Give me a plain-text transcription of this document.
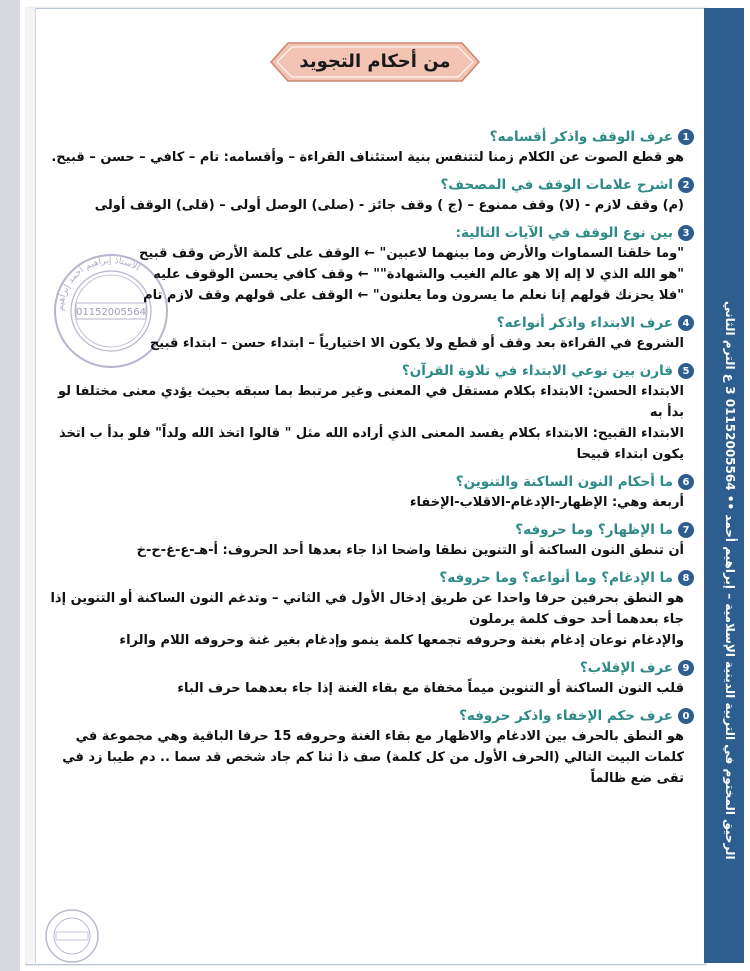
الرحيق المختوم في التربية الدينية الإسلامية – إبراهيم أحمد •• 01152005564 3 ع الترم الثاني
من أحكام التجويد
الأستاذ إبراهيم أحمد إبراهيم
01152005564
1
عرف الوقف واذكر أقسامه؟
هو قطع الصوت عن الكلام زمنا لتتنفس بنية استئناف القراءة – وأقسامه: تام – كافي – حسن – قبيح.
2
اشرح علامات الوقف في المصحف؟
(م) وقف لازم - (لا) وقف ممنوع – (ج ) وقف جائز - (صلى) الوصل أولى – (قلى) الوقف أولى
3
بين نوع الوقف في الآيات التالية:
"وما خلقنا السماوات والأرض وما بينهما لاعبين" ← الوقف على كلمة الأرض وقف قبيح
"هو الله الذي لا إله إلا هو عالم الغيب والشهادة"" ← وقف كافي يحسن الوقوف عليه
"فلا يحزنك قولهم إنا نعلم ما يسرون وما يعلنون" ← الوقف على قولهم وقف لازم تام
4
عرف الابتداء واذكر أنواعه؟
الشروع في القراءة بعد وقف أو قطع ولا يكون الا اختيارياً – ابتداء حسن – ابتداء قبيح
5
قارن بين نوعي الابتداء في تلاوة القرآن؟
الابتداء الحسن: الابتداء بكلام مستقل في المعنى وغير مرتبط بما سبقه بحيث يؤدي معنى مختلفا لو بدأ به
الابتداء القبيح: الابتداء بكلام يفسد المعنى الذي أراده الله مثل " قالوا اتخذ الله ولداً" فلو بدأ ب اتخذ يكون ابتداء قبيحا
6
ما أحكام النون الساكنة والتنوين؟
أربعة وهي: الإظهار-الإدغام-الاقلاب-الإخفاء
7
ما الإظهار؟ وما حروفه؟
أن تنطق النون الساكنة أو التنوين نطقا واضحا اذا جاء بعدها أحد الحروف: أ-هـ-ع-غ-ح-خ
8
ما الإدغام؟ وما أنواعه؟ وما حروفه؟
هو النطق بحرفين حرفا واحدا عن طريق إدخال الأول في الثاني – وتدغم النون الساكنة أو التنوين إذا جاء بعدهما أحد حوف كلمة يرملون
والإدغام نوعان إدغام بغنة وحروفه تجمعها كلمة ينمو وإدغام بغير غنة وحروفه اللام والراء
9
عرف الإقلاب؟
قلب النون الساكنة أو التنوين ميماً مخفاة مع بقاء الغنة إذا جاء بعدهما حرف الباء
0
عرف حكم الإخفاء واذكر حروفه؟
هو النطق بالحرف بين الادغام والاظهار مع بقاء الغنة وحروفه 15 حرفا الباقية وهي مجموعة في كلمات البيت التالي (الحرف الأول من كل كلمة) صف ذا ثنا كم جاد شخص قد سما .. دم طيبا زد في تقى ضع ظالماً
